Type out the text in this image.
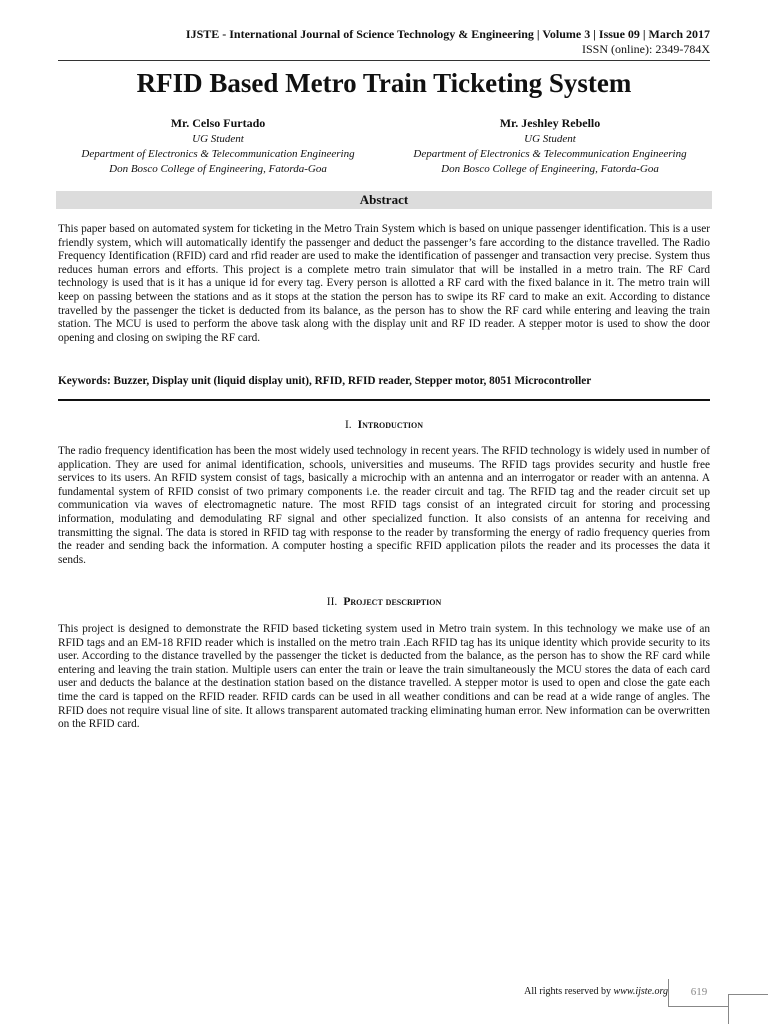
IJSTE - International Journal of Science Technology & Engineering | Volume 3 | Issue 09 | March 2017
ISSN (online): 2349-784X
RFID Based Metro Train Ticketing System
Mr. Celso Furtado
UG Student
Department of Electronics & Telecommunication Engineering
Don Bosco College of Engineering, Fatorda-Goa
Mr. Jeshley Rebello
UG Student
Department of Electronics & Telecommunication Engineering
Don Bosco College of Engineering, Fatorda-Goa
Abstract
This paper based on automated system for ticketing in the Metro Train System which is based on unique passenger identification. This is a user friendly system, which will automatically identify the passenger and deduct the passenger’s fare according to the distance travelled. The Radio Frequency Identification (RFID) card and rfid reader are used to make the identification of passenger and transaction very precise. System thus reduces human errors and efforts. This project is a complete metro train simulator that will be installed in a metro train. The RF Card technology is used that is it has a unique id for every tag. Every person is allotted a RF card with the fixed balance in it. The metro train will keep on passing between the stations and as it stops at the station the person has to swipe its RF card to make an exit. According to distance travelled by the passenger the ticket is deducted from its balance, as the person has to show the RF card while entering and leaving the train station. The MCU is used to perform the above task along with the display unit and RF ID reader. A stepper motor is used to show the door opening and closing on swiping the RF card.
Keywords: Buzzer, Display unit (liquid display unit), RFID, RFID reader, Stepper motor, 8051 Microcontroller
I. Introduction
The radio frequency identification has been the most widely used technology in recent years. The RFID technology is widely used in number of application. They are used for animal identification, schools, universities and museums. The RFID tags provides security and hustle free services to its users. An RFID system consist of tags, basically a microchip with an antenna and an interrogator or reader with an antenna. A fundamental system of RFID consist of two primary components i.e. the reader circuit and tag. The RFID tag and the reader circuit set up communication via waves of electromagnetic nature. The most RFID tags consist of an integrated circuit for storing and processing information, modulating and demodulating RF signal and other specialized function. It also consists of an antenna for receiving and transmitting the signal. The data is stored in RFID tag with response to the reader by transforming the energy of radio frequency queries from the reader and sending back the information. A computer hosting a specific RFID application pilots the reader and its processes the data it sends.
II. Project description
This project is designed to demonstrate the RFID based ticketing system used in Metro train system. In this technology we make use of an RFID tags and an EM-18 RFID reader which is installed on the metro train .Each RFID tag has its unique identity which provide security to its user. According to the distance travelled by the passenger the ticket is deducted from the balance, as the person has to show the RF card while entering and leaving the train station. Multiple users can enter the train or leave the train simultaneously the MCU stores the data of each card user and deducts the balance at the destination station based on the distance travelled. A stepper motor is used to open and close the gate each time the card is tapped on the RFID reader. RFID cards can be used in all weather conditions and can be read at a wide range of angles. The RFID does not require visual line of site. It allows transparent automated tracking eliminating human error. New information can be overwritten on the RFID card.
All rights reserved by www.ijste.org	619
